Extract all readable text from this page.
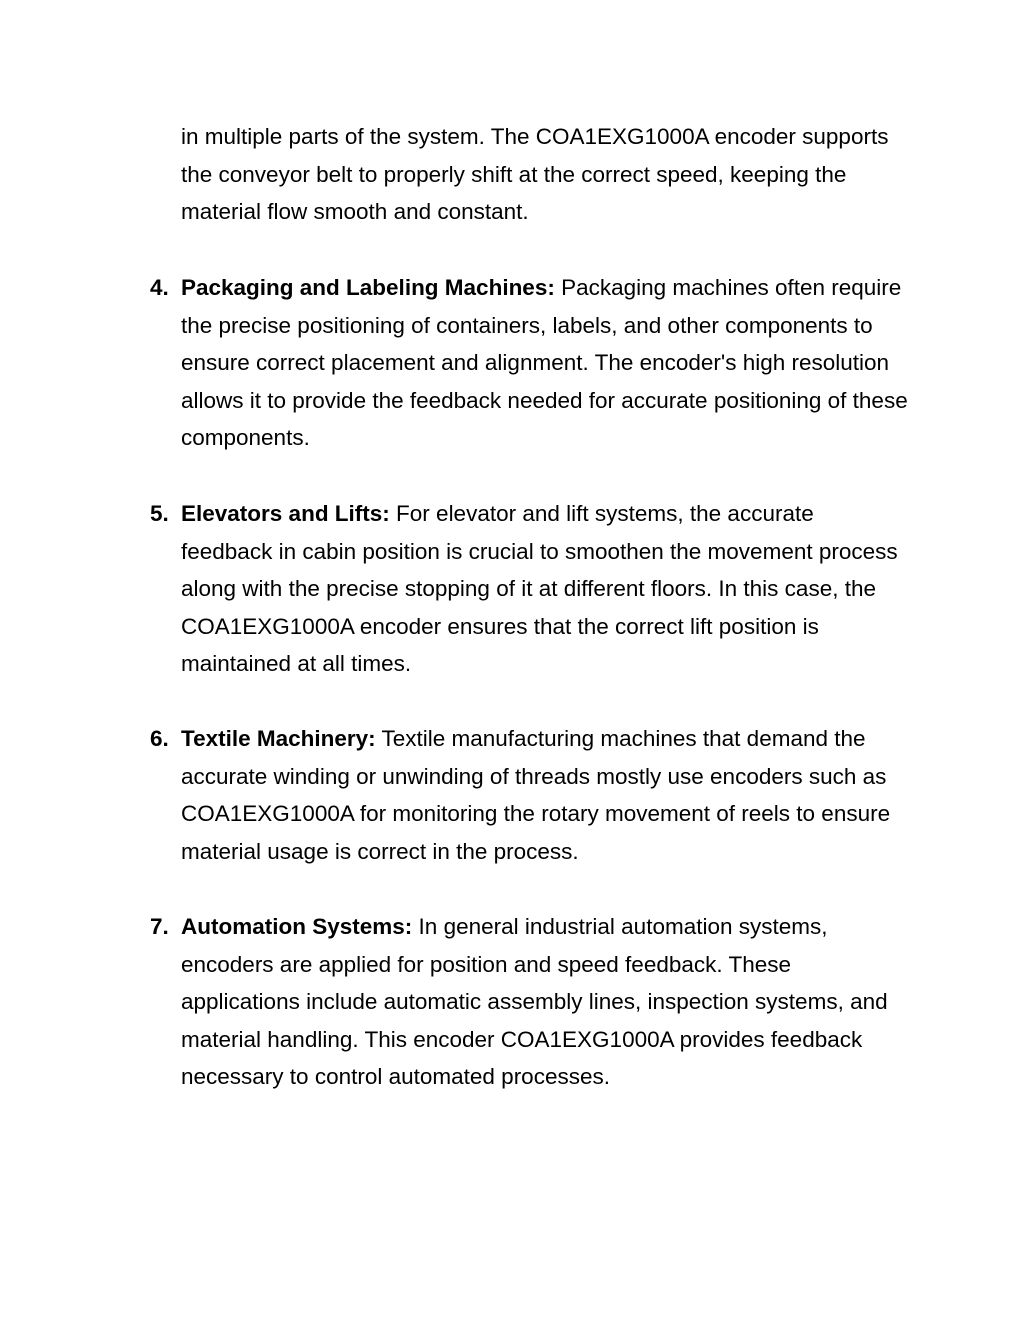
in multiple parts of the system. The COA1EXG1000A encoder supports the conveyor belt to properly shift at the correct speed, keeping the material flow smooth and constant.

4. Packaging and Labeling Machines: Packaging machines often require the precise positioning of containers, labels, and other components to ensure correct placement and alignment. The encoder's high resolution allows it to provide the feedback needed for accurate positioning of these components.
5. Elevators and Lifts: For elevator and lift systems, the accurate feedback in cabin position is crucial to smoothen the movement process along with the precise stopping of it at different floors. In this case, the COA1EXG1000A encoder ensures that the correct lift position is maintained at all times.
6. Textile Machinery: Textile manufacturing machines that demand the accurate winding or unwinding of threads mostly use encoders such as COA1EXG1000A for monitoring the rotary movement of reels to ensure material usage is correct in the process.
7. Automation Systems: In general industrial automation systems, encoders are applied for position and speed feedback. These applications include automatic assembly lines, inspection systems, and material handling. This encoder COA1EXG1000A provides feedback necessary to control automated processes.
